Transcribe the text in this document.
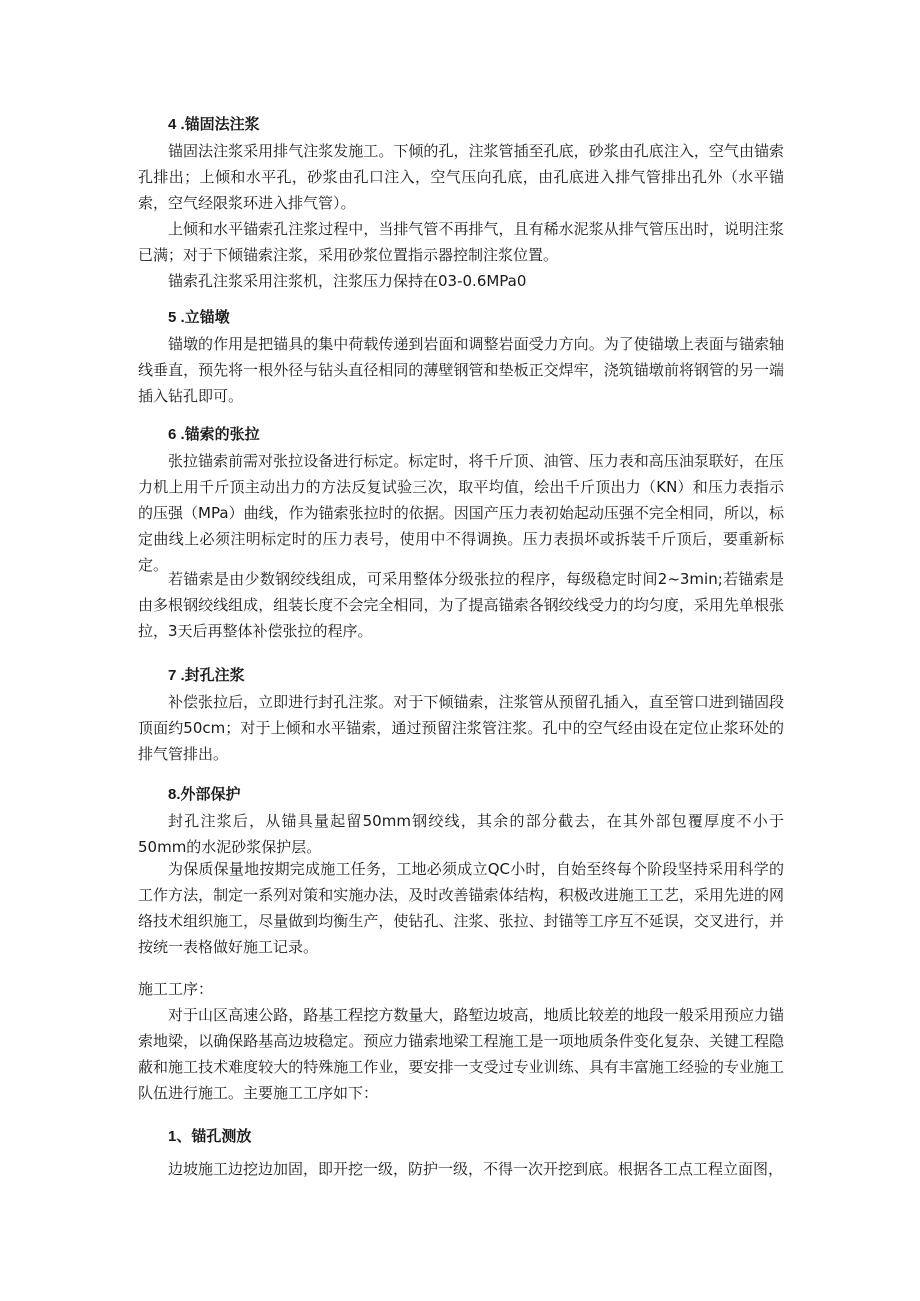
4 .锚固法注浆

锚固法注浆采用排气注浆发施工。下倾的孔，注浆管插至孔底，砂浆由孔底注入，空气由锚索孔排出；上倾和水平孔，砂浆由孔口注入，空气压向孔底，由孔底进入排气管排出孔外（水平锚索，空气经限浆环进入排气管）。

上倾和水平锚索孔注浆过程中，当排气管不再排气，且有稀水泥浆从排气管压出时，说明注浆已满；对于下倾锚索注浆，采用砂浆位置指示器控制注浆位置。

锚索孔注浆采用注浆机，注浆压力保持在03-0.6MPa0

5 .立锚墩

锚墩的作用是把锚具的集中荷载传递到岩面和调整岩面受力方向。为了使锚墩上表面与锚索轴线垂直，预先将一根外径与钻头直径相同的薄壁钢管和垫板正交焊牢，浇筑锚墩前将钢管的另一端插入钻孔即可。

6 .锚索的张拉

张拉锚索前需对张拉设备进行标定。标定时，将千斤顶、油管、压力表和高压油泵联好，在压力机上用千斤顶主动出力的方法反复试验三次，取平均值，绘出千斤顶出力（KN）和压力表指示的压强（MPa）曲线，作为锚索张拉时的依据。因国产压力表初始起动压强不完全相同，所以，标定曲线上必须注明标定时的压力表号，使用中不得调换。压力表损坏或拆装千斤顶后，要重新标定。

若锚索是由少数钢绞线组成，可采用整体分级张拉的程序，每级稳定时间2~3min;若锚索是由多根钢绞线组成，组装长度不会完全相同，为了提高锚索各钢绞线受力的均匀度，采用先单根张拉，3天后再整体补偿张拉的程序。

7 .封孔注浆

补偿张拉后，立即进行封孔注浆。对于下倾锚索，注浆管从预留孔插入，直至管口进到锚固段顶面约50cm；对于上倾和水平锚索，通过预留注浆管注浆。孔中的空气经由设在定位止浆环处的排气管排出。

8.外部保护

封孔注浆后，从锚具量起留50mm钢绞线，其余的部分截去，在其外部包覆厚度不小于50mm的水泥砂浆保护层。

为保质保量地按期完成施工任务，工地必须成立QC小时，自始至终每个阶段坚持采用科学的工作方法，制定一系列对策和实施办法，及时改善锚索体结构，积极改进施工工艺，采用先进的网络技术组织施工，尽量做到均衡生产，使钻孔、注浆、张拉、封锚等工序互不延误，交叉进行，并按统一表格做好施工记录。

施工工序：

对于山区高速公路，路基工程挖方数量大，路堑边坡高，地质比较差的地段一般采用预应力锚索地梁，以确保路基高边坡稳定。预应力锚索地梁工程施工是一项地质条件变化复杂、关键工程隐蔽和施工技术难度较大的特殊施工作业，要安排一支受过专业训练、具有丰富施工经验的专业施工队伍进行施工。主要施工工序如下：

1、锚孔测放

边坡施工边挖边加固，即开挖一级，防护一级，不得一次开挖到底。根据各工点工程立面图，
